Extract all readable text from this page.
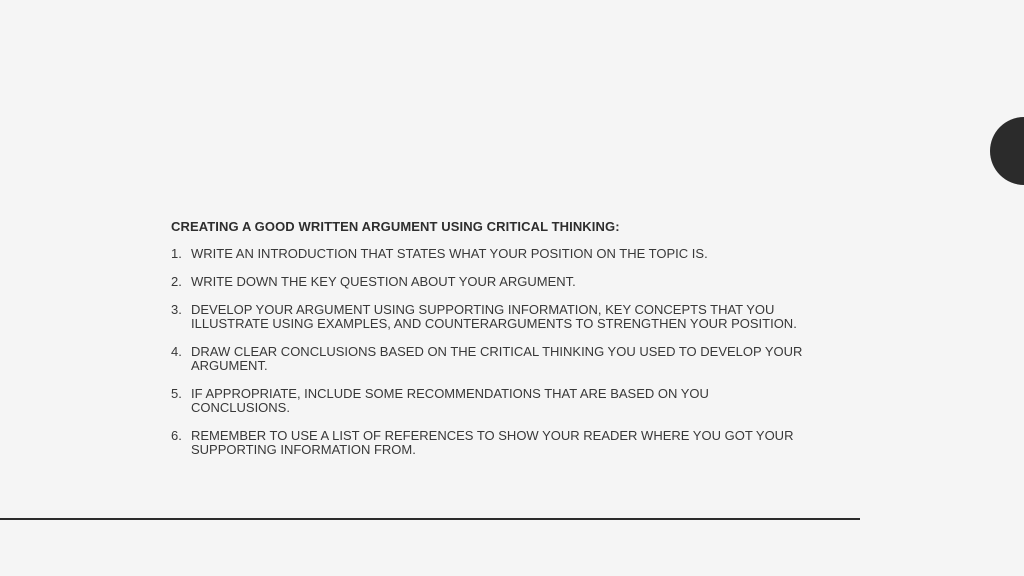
CREATING A GOOD WRITTEN ARGUMENT USING CRITICAL THINKING:
1. WRITE AN INTRODUCTION THAT STATES WHAT YOUR POSITION ON THE TOPIC IS.
2. WRITE DOWN THE KEY QUESTION ABOUT YOUR ARGUMENT.
3. DEVELOP YOUR ARGUMENT USING SUPPORTING INFORMATION, KEY CONCEPTS THAT YOU ILLUSTRATE USING EXAMPLES, AND COUNTERARGUMENTS TO STRENGTHEN YOUR POSITION.
4. DRAW CLEAR CONCLUSIONS BASED ON THE CRITICAL THINKING YOU USED TO DEVELOP YOUR ARGUMENT.
5. IF APPROPRIATE, INCLUDE SOME RECOMMENDATIONS THAT ARE BASED ON YOU CONCLUSIONS.
6. REMEMBER TO USE A LIST OF REFERENCES TO SHOW YOUR READER WHERE YOU GOT YOUR SUPPORTING INFORMATION FROM.
